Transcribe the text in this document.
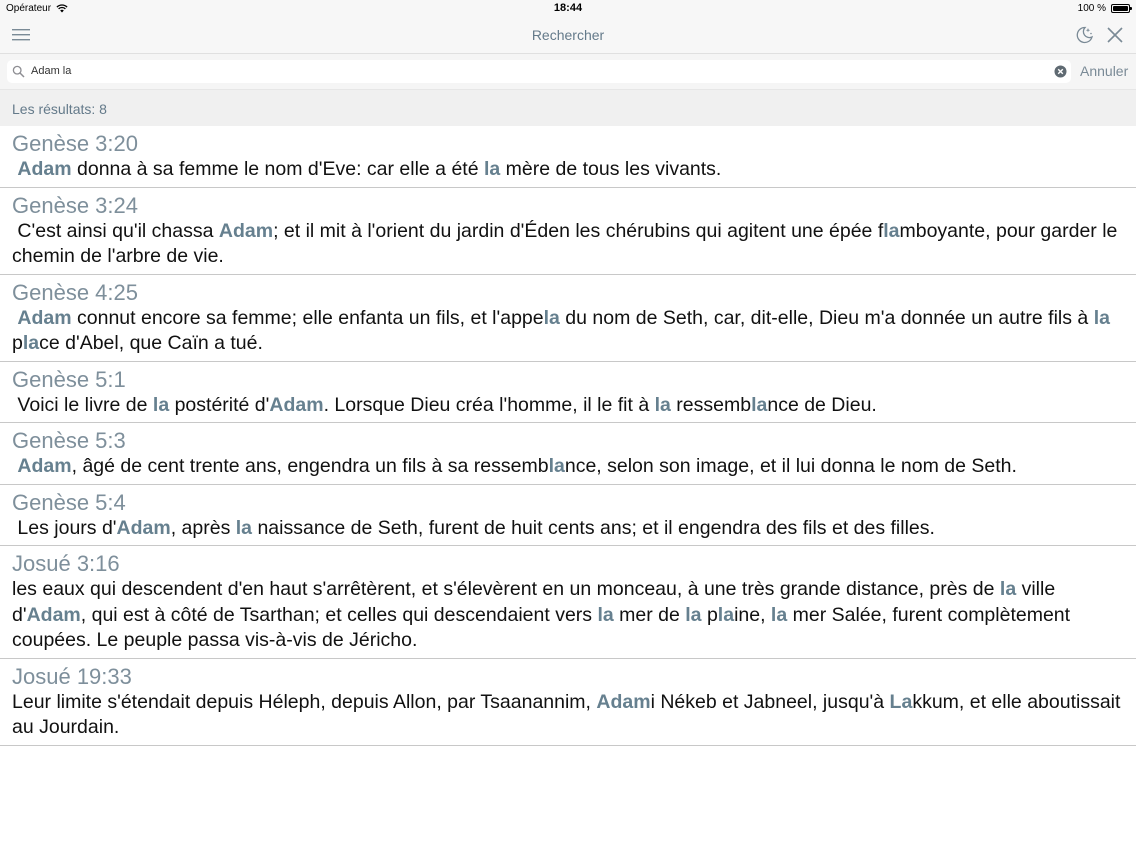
Opérateur	18:44	100 %
Rechercher
Adam la	Annuler
Les résultats: 8
Genèse 3:20
Adam donna à sa femme le nom d'Eve: car elle a été la mère de tous les vivants.
Genèse 3:24
C'est ainsi qu'il chassa Adam; et il mit à l'orient du jardin d'Éden les chérubins qui agitent une épée flamboyante, pour garder le chemin de l'arbre de vie.
Genèse 4:25
Adam connut encore sa femme; elle enfanta un fils, et l'appela du nom de Seth, car, dit-elle, Dieu m'a donnée un autre fils à la place d'Abel, que Caïn a tué.
Genèse 5:1
Voici le livre de la postérité d'Adam. Lorsque Dieu créa l'homme, il le fit à la ressemblance de Dieu.
Genèse 5:3
Adam, âgé de cent trente ans, engendra un fils à sa ressemblance, selon son image, et il lui donna le nom de Seth.
Genèse 5:4
Les jours d'Adam, après la naissance de Seth, furent de huit cents ans; et il engendra des fils et des filles.
Josué 3:16
les eaux qui descendent d'en haut s'arrêtèrent, et s'élevèrent en un monceau, à une très grande distance, près de la ville d'Adam, qui est à côté de Tsarthan; et celles qui descendaient vers la mer de la plaine, la mer Salée, furent complètement coupées. Le peuple passa vis-à-vis de Jéricho.
Josué 19:33
Leur limite s'étendait depuis Héleph, depuis Allon, par Tsaanannim, Adami Nékeb et Jabneel, jusqu'à Lakkum, et elle aboutissait au Jourdain.
